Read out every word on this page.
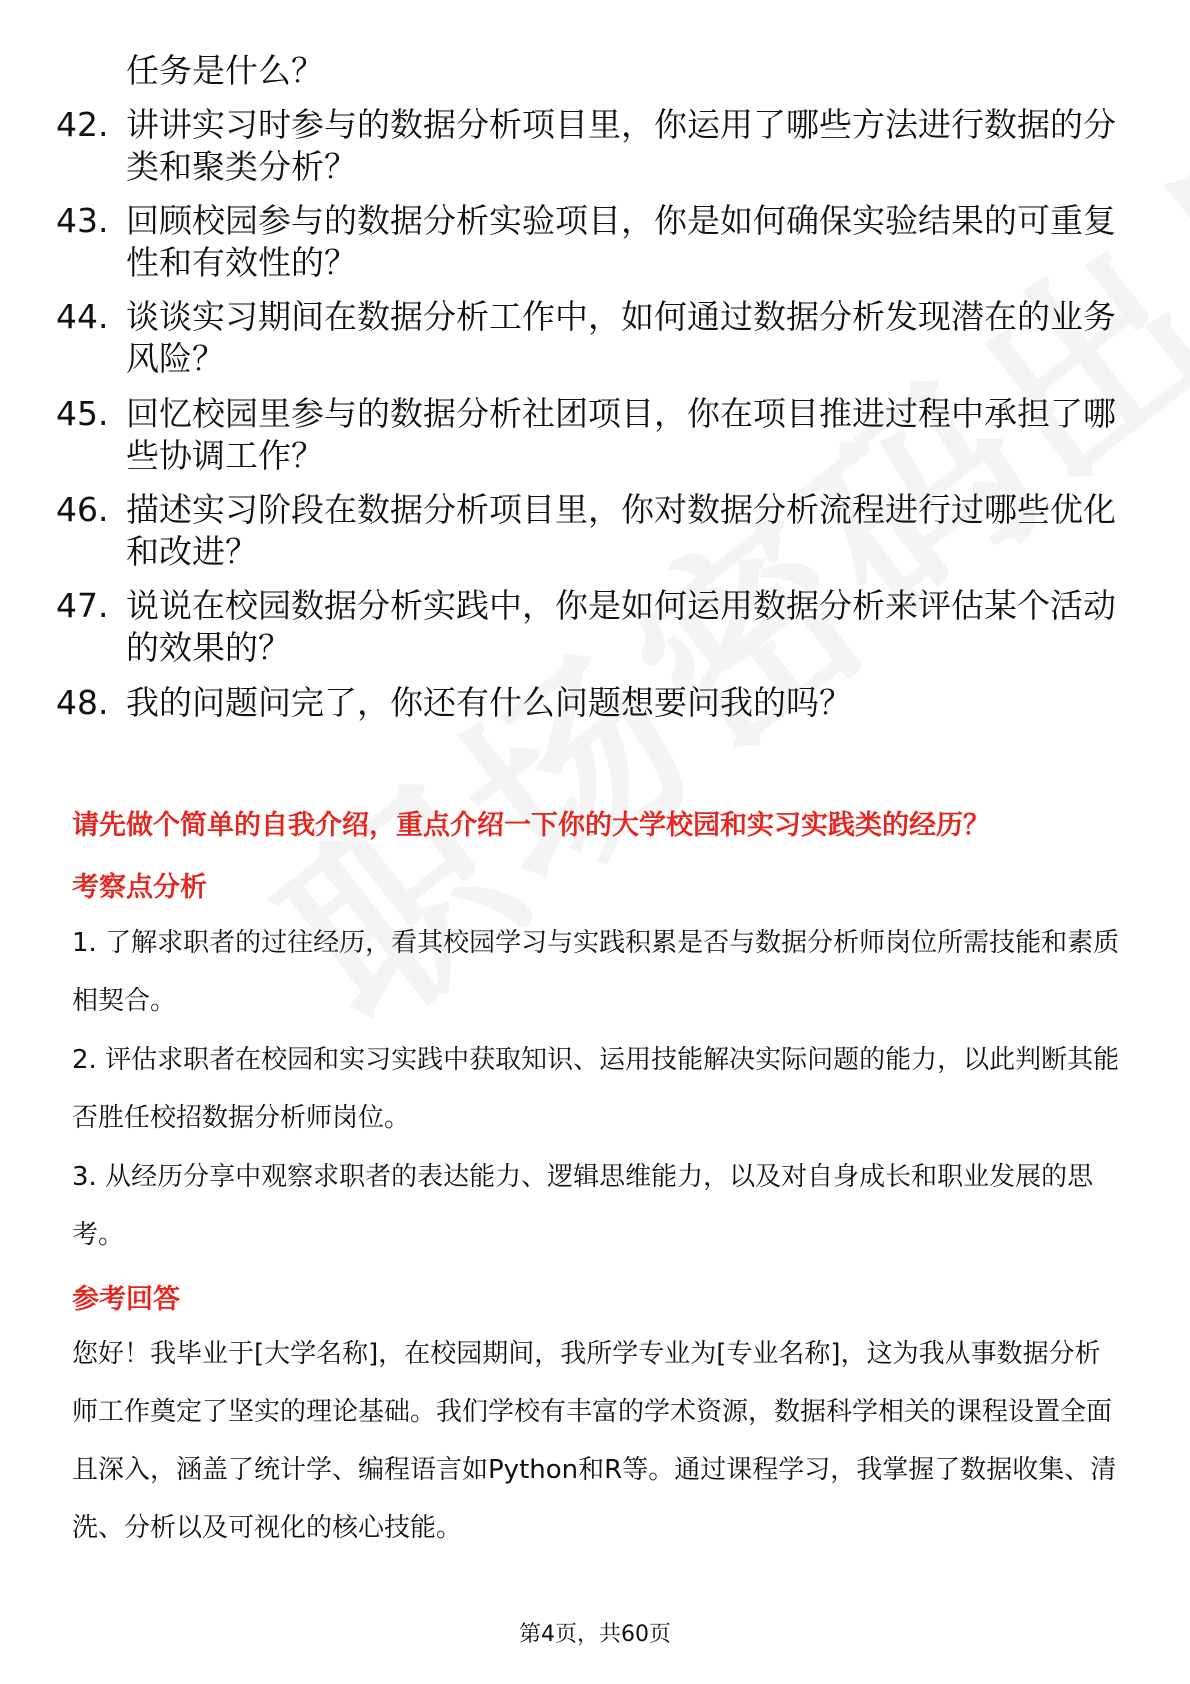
任务是什么？

42. 讲讲实习时参与的数据分析项目里，你运用了哪些方法进行数据的分类和聚类分析？
43. 回顾校园参与的数据分析实验项目，你是如何确保实验结果的可重复性和有效性的？
44. 谈谈实习期间在数据分析工作中，如何通过数据分析发现潜在的业务风险？
45. 回忆校园里参与的数据分析社团项目，你在项目推进过程中承担了哪些协调工作？
46. 描述实习阶段在数据分析项目里，你对数据分析流程进行过哪些优化和改进？
47. 说说在校园数据分析实践中，你是如何运用数据分析来评估某个活动的效果的？
48. 我的问题问完了，你还有什么问题想要问我的吗？

请先做个简单的自我介绍，重点介绍一下你的大学校园和实习实践类的经历？

考察点分析

1. 了解求职者的过往经历，看其校园学习与实践积累是否与数据分析师岗位所需技能和素质相契合。

2. 评估求职者在校园和实习实践中获取知识、运用技能解决实际问题的能力，以此判断其能否胜任校招数据分析师岗位。

3. 从经历分享中观察求职者的表达能力、逻辑思维能力，以及对自身成长和职业发展的思考。

参考回答

您好！我毕业于[大学名称]，在校园期间，我所学专业为[专业名称]，这为我从事数据分析师工作奠定了坚实的理论基础。我们学校有丰富的学术资源，数据科学相关的课程设置全面且深入，涵盖了统计学、编程语言如Python和R等。通过课程学习，我掌握了数据收集、清洗、分析以及可视化的核心技能。

第4页，共60页
